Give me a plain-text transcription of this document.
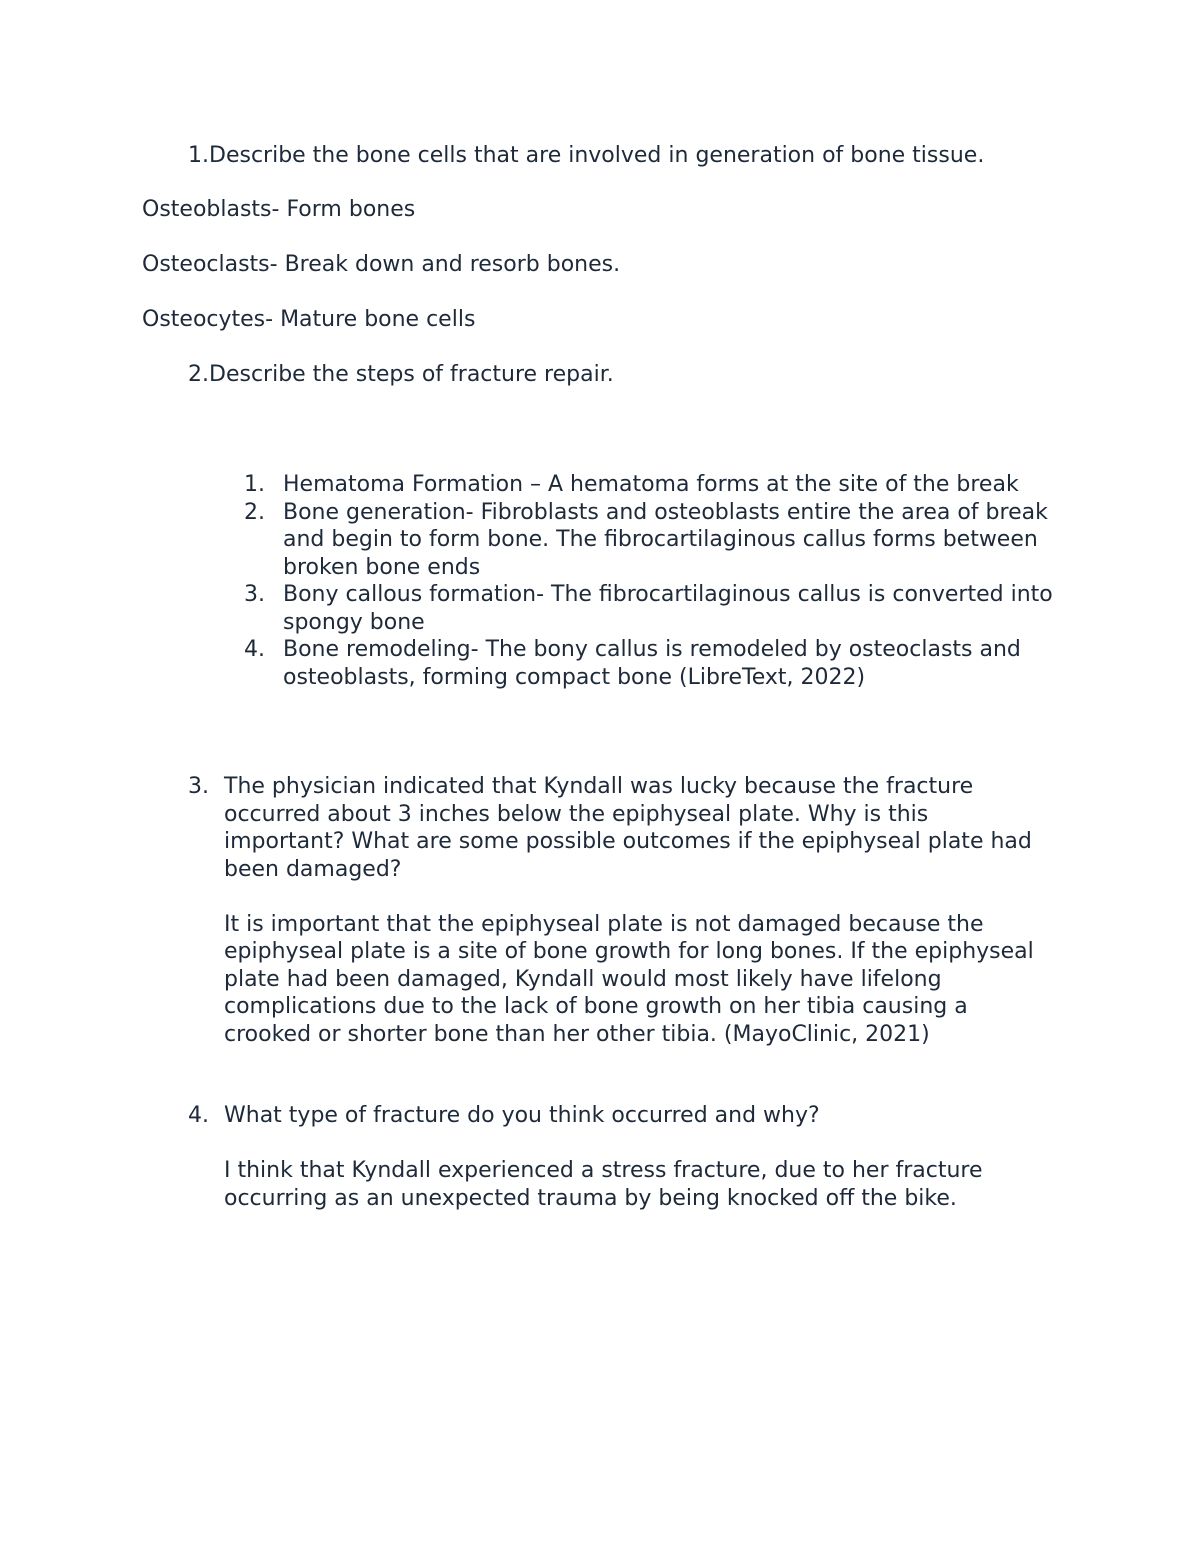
1.Describe the bone cells that are involved in generation of bone tissue.
Osteoblasts- Form bones
Osteoclasts- Break down and resorb bones.
Osteocytes- Mature bone cells
2.Describe the steps of fracture repair.
1. Hematoma Formation – A hematoma forms at the site of the break
2. Bone generation- Fibroblasts and osteoblasts entire the area of break and begin to form bone. The fibrocartilaginous callus forms between broken bone ends
3. Bony callous formation- The fibrocartilaginous callus is converted into spongy bone
4. Bone remodeling- The bony callus is remodeled by osteoclasts and osteoblasts, forming compact bone (LibreText, 2022)
3. The physician indicated that Kyndall was lucky because the fracture occurred about 3 inches below the epiphyseal plate. Why is this important? What are some possible outcomes if the epiphyseal plate had been damaged?
It is important that the epiphyseal plate is not damaged because the epiphyseal plate is a site of bone growth for long bones. If the epiphyseal plate had been damaged, Kyndall would most likely have lifelong complications due to the lack of bone growth on her tibia causing a crooked or shorter bone than her other tibia. (MayoClinic, 2021)
4. What type of fracture do you think occurred and why?
I think that Kyndall experienced a stress fracture, due to her fracture occurring as an unexpected trauma by being knocked off the bike.
